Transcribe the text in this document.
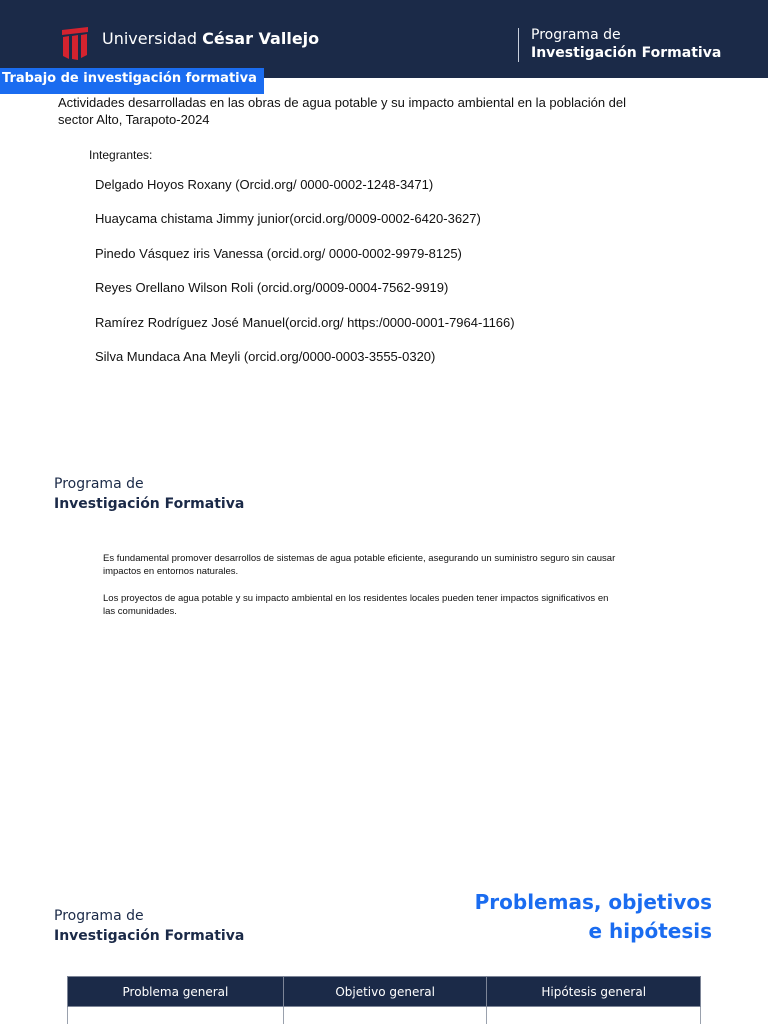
Universidad César Vallejo	Programa de
Investigación Formativa
Trabajo de investigación formativa
Actividades desarrolladas en las obras de agua potable y su impacto ambiental en la población del sector Alto, Tarapoto-2024
Integrantes:
Delgado Hoyos Roxany (Orcid.org/ 0000-0002-1248-3471)
Huaycama chistama Jimmy junior(orcid.org/0009-0002-6420-3627)
Pinedo Vásquez iris Vanessa (orcid.org/ 0000-0002-9979-8125)
Reyes Orellano Wilson Roli (orcid.org/0009-0004-7562-9919)
Ramírez Rodríguez José Manuel(orcid.org/ https:/0000-0001-7964-1166)
Silva Mundaca Ana Meyli (orcid.org/0000-0003-3555-0320)
Programa de
Investigación Formativa
Es fundamental promover desarrollos de sistemas de agua potable eficiente, asegurando un suministro seguro sin causar impactos en entornos naturales.
Los proyectos de agua potable y su impacto ambiental en los residentes locales pueden tener impactos significativos en las comunidades.
Programa de
Investigación Formativa
Problemas, objetivos
e hipótesis
Problema general	Objetivo general	Hipótesis general
